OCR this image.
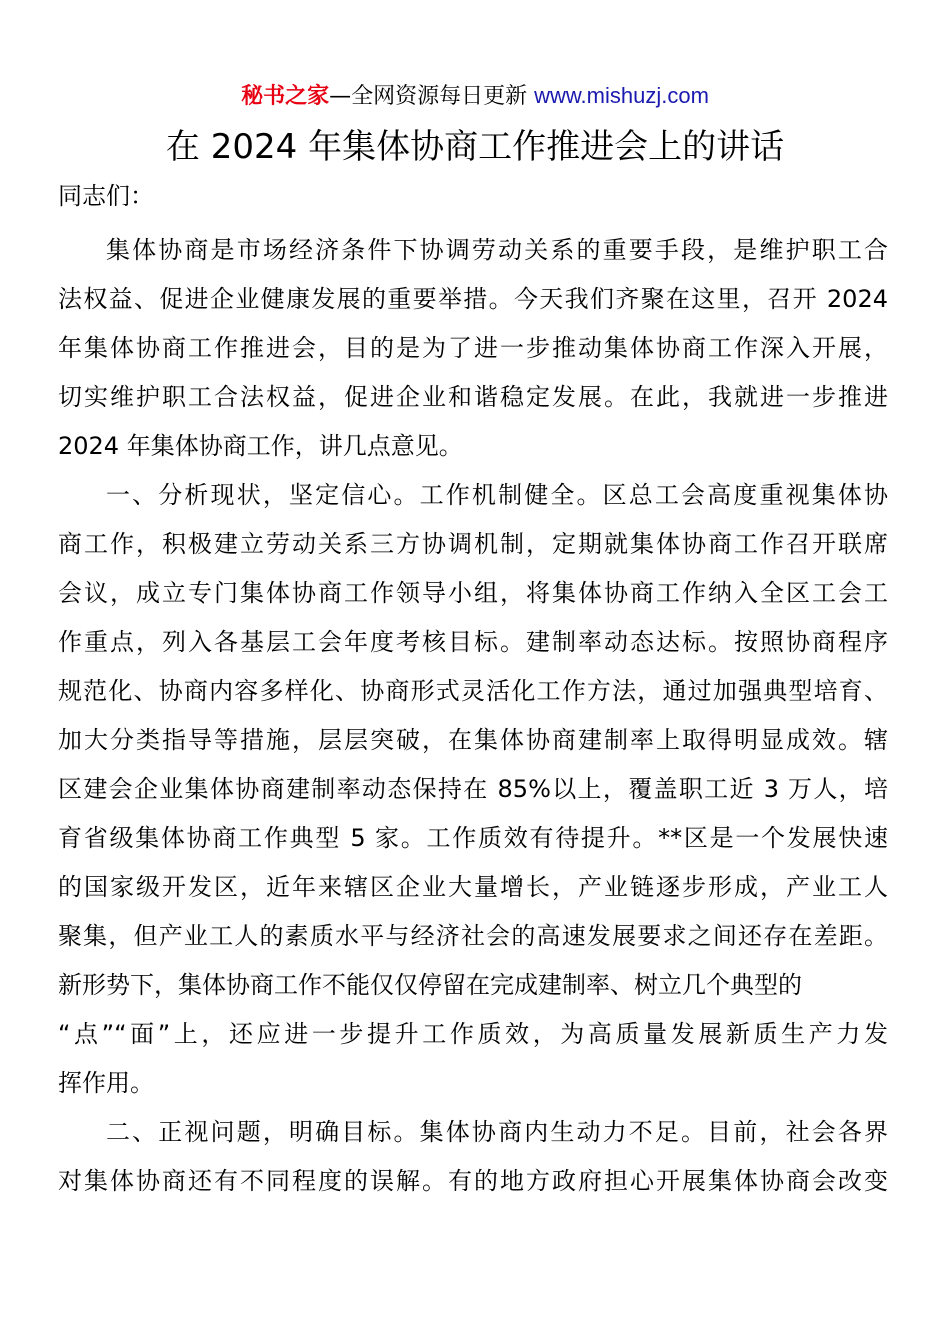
秘书之家—全网资源每日更新 www.mishuzj.com
在 2024 年集体协商工作推进会上的讲话

同志们：

集体协商是市场经济条件下协调劳动关系的重要手段，是维护职工合
法权益、促进企业健康发展的重要举措。今天我们齐聚在这里，召开 2024
年集体协商工作推进会，目的是为了进一步推动集体协商工作深入开展，
切实维护职工合法权益，促进企业和谐稳定发展。在此，我就进一步推进
2024 年集体协商工作，讲几点意见。
一、分析现状，坚定信心。工作机制健全。区总工会高度重视集体协
商工作，积极建立劳动关系三方协调机制，定期就集体协商工作召开联席
会议，成立专门集体协商工作领导小组，将集体协商工作纳入全区工会工
作重点，列入各基层工会年度考核目标。建制率动态达标。按照协商程序
规范化、协商内容多样化、协商形式灵活化工作方法，通过加强典型培育、
加大分类指导等措施，层层突破，在集体协商建制率上取得明显成效。辖
区建会企业集体协商建制率动态保持在 85%以上，覆盖职工近 3 万人，培
育省级集体协商工作典型 5 家。工作质效有待提升。**区是一个发展快速
的国家级开发区，近年来辖区企业大量增长，产业链逐步形成，产业工人
聚集，但产业工人的素质水平与经济社会的高速发展要求之间还存在差距。
新形势下，集体协商工作不能仅仅停留在完成建制率、树立几个典型的
“点”“面”上，还应进一步提升工作质效，为高质量发展新质生产力发
挥作用。
二、正视问题，明确目标。集体协商内生动力不足。目前，社会各界
对集体协商还有不同程度的误解。有的地方政府担心开展集体协商会改变
